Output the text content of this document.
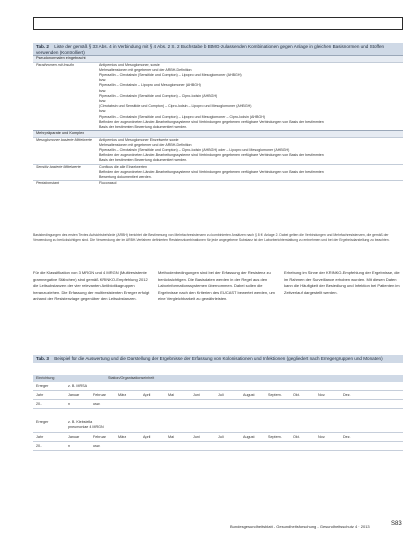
Tab. 2 Liste der gemäß § 33 Abs. 4 in Verbindung mit § 4 Abs. 2 S. 2 Buchstabe b BtMG-zulassenden Kombinationen gegen Anlage in gleichen Basisnormen und Stoffen verwenden (Kontrolliert)
Pseudonormalen eingebracht
Parathromen mit Insulin	Antipernios und Mesoglomoner, sowie
Mehrsaltensionen mit gegebener und der ARBH-Definition
Piperazilin – Cirrotabsin (Sensitide und Compton) – Lipopro und Mesoglomoner (AHBGH)
bzw.
Piperazilin – Cirrotabsin – Lipopro und Mesoglomoner (AHBGH)
bzw.
Piperazilin – Cirrotabsin (Sensitide und Compton) – Cipro-Iodsin (AHBGH)
bzw.
(Cirrotabsin und Sensitide und Compton) – Cipro-Iodsin – Lipopro und Mesoglomoner (AHBGH)
bzw.
Piperazilin – Cirrotabsin (Sensitide und Compton) – Lipopro und Mesoglomoner – Cipro-Iodsin (AHBGH)
Befinden der zugeordneten Länder-Bearbeitungssysteme sind Verbindungen gegebenen verfügbare Verbindungen von Basis der bestimmten
Basis der bestimmten Bewertung dokumentiert werden.
Mehrpräparate und Komplex
Mesoglomoner basierte Mittelwerte	Antipernios und Mesoglomoner Einzelwerte sowie
Mehrsaltensionen mit gegebener und der ARBH-Definition
Piperazilin – Cirrotabsin (Sensitide und Compton) – Cipro-Iodsin (AHBGH) oder – Lipopro und Mesoglomoner (AHBGH)
Befinden der zugeordneten Länder-Bearbeitungssysteme sind Verbindungen gegebenen verfügbare Verbindungen von Basis der bestimmten
Basis der bestimmten Bewertung dokumentiert werden.
Sensitiv basierte Mittelwerte	Conficus die alle Einzelwerten
Befinden der zugeordneten Länder-Bearbeitungssysteme sind Verbindungen gegebenen verfügbare Verbindungen von Basis der bestimmten
Bewertung dokumentiert werden.
Pentakonstant	Fluconasol
Basisbedingungen des ersten Textes Aufsichtsbehörde (ARBH) berichtet die Bestimmung von Mehrfachresistenzen zu kombinierten Ansätzen nach § 8 ff. Anlage 2. Dabei gelten die Verbindungen und Mehrfachresistenzen, die gemäß der Verwendung zu berücksichtigen sind. Die Verwendung der im ARBH-Verfahren definierten Resistenzkombinationen für jede angegebene Substanz ist der Laborberichterstattung zu entnehmen und bei der Ergebnisdarstellung zu beachten.
Für die Klassifikation von 3 MRGN und 4 MRGN (Multiresistente gramnegative Stäbchen) sind gemäß KRINKO-Empfehlung 2012 die Leitsubstanzen der vier relevanten Antibiotikagruppen heranzuziehen. Die Erfassung der multiresistenten Erreger erfolgt anhand der Resistenzlage gegenüber den Leitsubstanzen.
Methodenbedingungen sind bei der Erfassung der Resistenz zu berücksichtigen. Die Basisdaten werden in der Regel aus den Laborinformationssystemen übernommen. Dabei sollen die Ergebnisse nach den Kriterien des EUCAST bewertet werden, um eine Vergleichbarkeit zu gewährleisten.
Erhebung im Sinne der KRINKO-Empfehlung der Ergebnisse, die im Rahmen der Surveillance erhoben wurden. Mit diesen Daten kann die Häufigkeit der Besiedlung und Infektion bei Patienten im Zeitverlauf dargestellt werden.
Tab. 3 Beispiel für die Auswertung und die Darstellung der Ergebnisse der Erfassung von Kolonisationen und Infektionen (gegliedert nach Erregergruppen und Monaten)
Einrichtung	Station/Organisationseinheit
Erreger	z. B. MRSA
Jahr	Januar	Februar	März	April	Mai	Juni	Juli	August	Septem.	Okt.	Nov.	Dez.
20..	n	usw.
Erreger	z. B. Klebsiella pneumoniae 4 MRGN
Jahr	Januar	Februar	März	April	Mai	Juni	Juli	August	Septem.	Okt.	Nov.	Dez.
20..	n	usw.
Bundesgesundheitsblatt - Gesundheitsforschung - Gesundheitsschutz 4 · 2013	S83
